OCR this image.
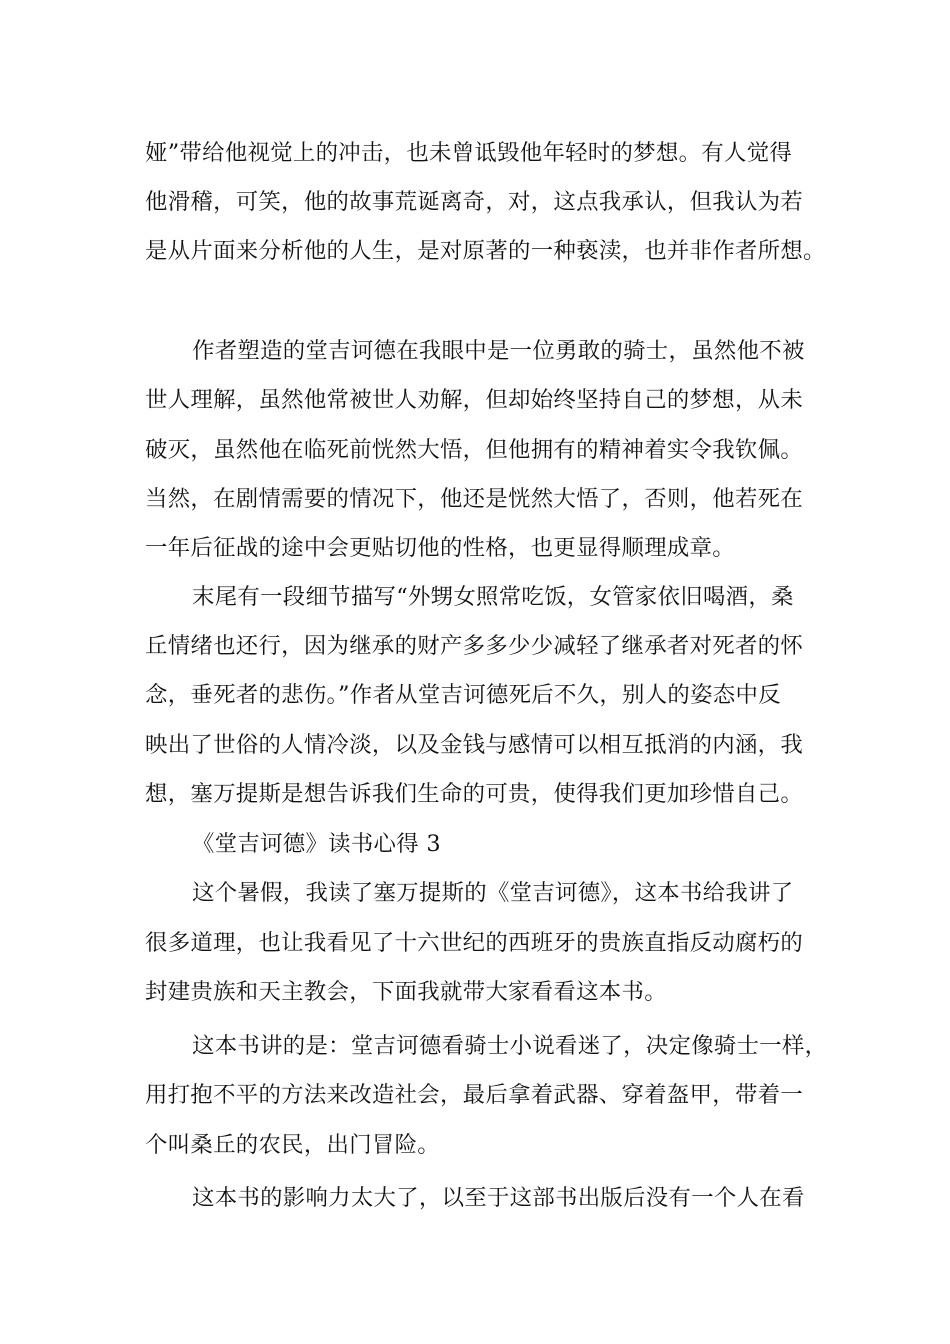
娅”带给他视觉上的冲击，也未曾诋毁他年轻时的梦想。有人觉得
他滑稽，可笑，他的故事荒诞离奇，对，这点我承认，但我认为若
是从片面来分析他的人生，是对原著的一种亵渎，也并非作者所想。
作者塑造的堂吉诃德在我眼中是一位勇敢的骑士，虽然他不被
世人理解，虽然他常被世人劝解，但却始终坚持自己的梦想，从未
破灭，虽然他在临死前恍然大悟，但他拥有的精神着实令我钦佩。
当然，在剧情需要的情况下，他还是恍然大悟了，否则，他若死在
一年后征战的途中会更贴切他的性格，也更显得顺理成章。
末尾有一段细节描写“外甥女照常吃饭，女管家依旧喝酒，桑
丘情绪也还行，因为继承的财产多多少少减轻了继承者对死者的怀
念，垂死者的悲伤。”作者从堂吉诃德死后不久，别人的姿态中反
映出了世俗的人情冷淡，以及金钱与感情可以相互抵消的内涵，我
想，塞万提斯是想告诉我们生命的可贵，使得我们更加珍惜自己。
《堂吉诃德》读书心得 3
这个暑假，我读了塞万提斯的《堂吉诃德》，这本书给我讲了
很多道理，也让我看见了十六世纪的西班牙的贵族直指反动腐朽的
封建贵族和天主教会，下面我就带大家看看这本书。
这本书讲的是：堂吉诃德看骑士小说看迷了，决定像骑士一样，
用打抱不平的方法来改造社会，最后拿着武器、穿着盔甲，带着一
个叫桑丘的农民，出门冒险。
这本书的影响力太大了，以至于这部书出版后没有一个人在看
